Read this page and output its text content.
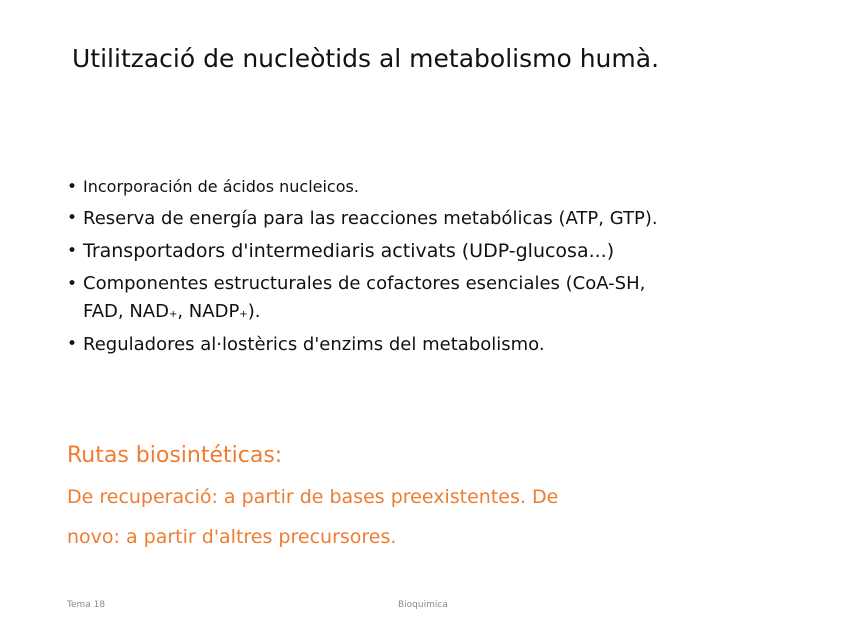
Utilització de nucleòtids al metabolismo humà.
• Incorporación de ácidos nucleicos.
• Reserva de energía para las reacciones metabólicas (ATP, GTP).
• Transportadors d'intermediaris activats (UDP-glucosa...)
• Componentes estructurales de cofactores esenciales (CoA-SH,
FAD, NAD+, NADP+).
• Reguladores al·lostèrics d'enzims del metabolismo.
Rutas biosintéticas:
De recuperació: a partir de bases preexistentes. De
novo: a partir d'altres precursores.
Tema 18	Bioquimica
